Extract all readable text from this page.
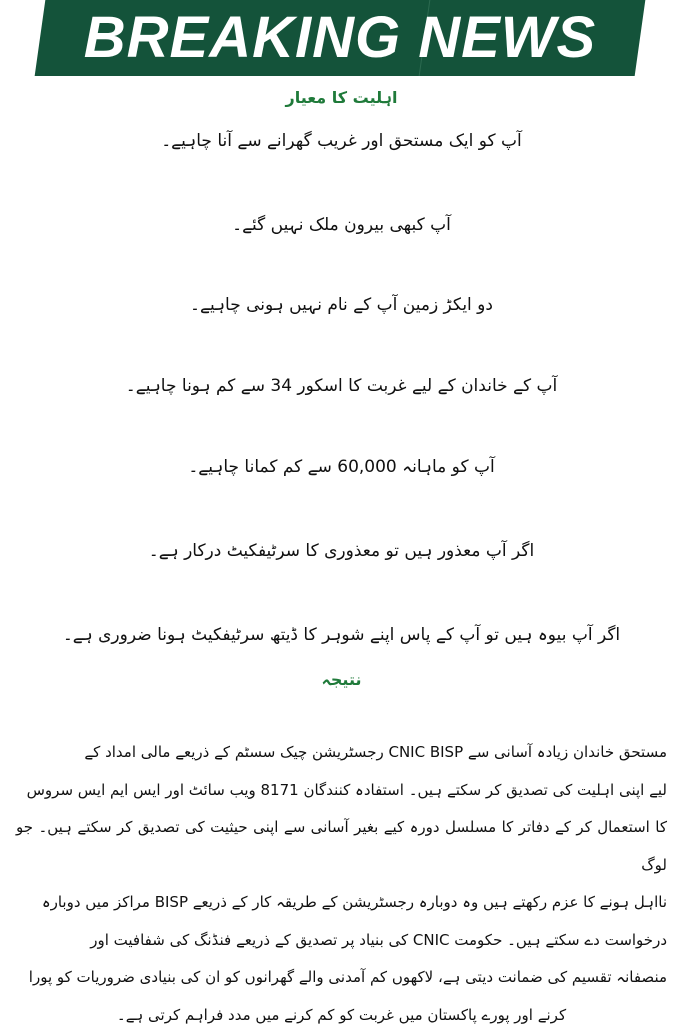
BREAKING NEWS
اہلیت کا معیار
آپ کو ایک مستحق اور غریب گھرانے سے آنا چاہیے۔
آپ کبھی بیرون ملک نہیں گئے۔
دو ایکڑ زمین آپ کے نام نہیں ہونی چاہیے۔
آپ کے خاندان کے لیے غربت کا اسکور 34 سے کم ہونا چاہیے۔
آپ کو ماہانہ 60,000 سے کم کمانا چاہیے۔
اگر آپ معذور ہیں تو معذوری کا سرٹیفکیٹ درکار ہے۔
اگر آپ بیوہ ہیں تو آپ کے پاس اپنے شوہر کا ڈیتھ سرٹیفکیٹ ہونا ضروری ہے۔
نتیجہ
مستحق خاندان زیادہ آسانی سے CNIC BISP رجسٹریشن چیک سسٹم کے ذریعے مالی امداد کے
لیے اپنی اہلیت کی تصدیق کر سکتے ہیں۔ استفادہ کنندگان 8171 ویب سائٹ اور ایس ایم ایس سروس
کا استعمال کر کے دفاتر کا مسلسل دورہ کیے بغیر آسانی سے اپنی حیثیت کی تصدیق کر سکتے ہیں۔ جو لوگ
نااہل ہونے کا عزم رکھتے ہیں وہ دوبارہ رجسٹریشن کے طریقہ کار کے ذریعے BISP مراکز میں دوبارہ
درخواست دے سکتے ہیں۔ حکومت CNIC کی بنیاد پر تصدیق کے ذریعے فنڈنگ کی شفافیت اور
منصفانہ تقسیم کی ضمانت دیتی ہے، لاکھوں کم آمدنی والے گھرانوں کو ان کی بنیادی ضروریات کو پورا
کرنے اور پورے پاکستان میں غربت کو کم کرنے میں مدد فراہم کرتی ہے۔
